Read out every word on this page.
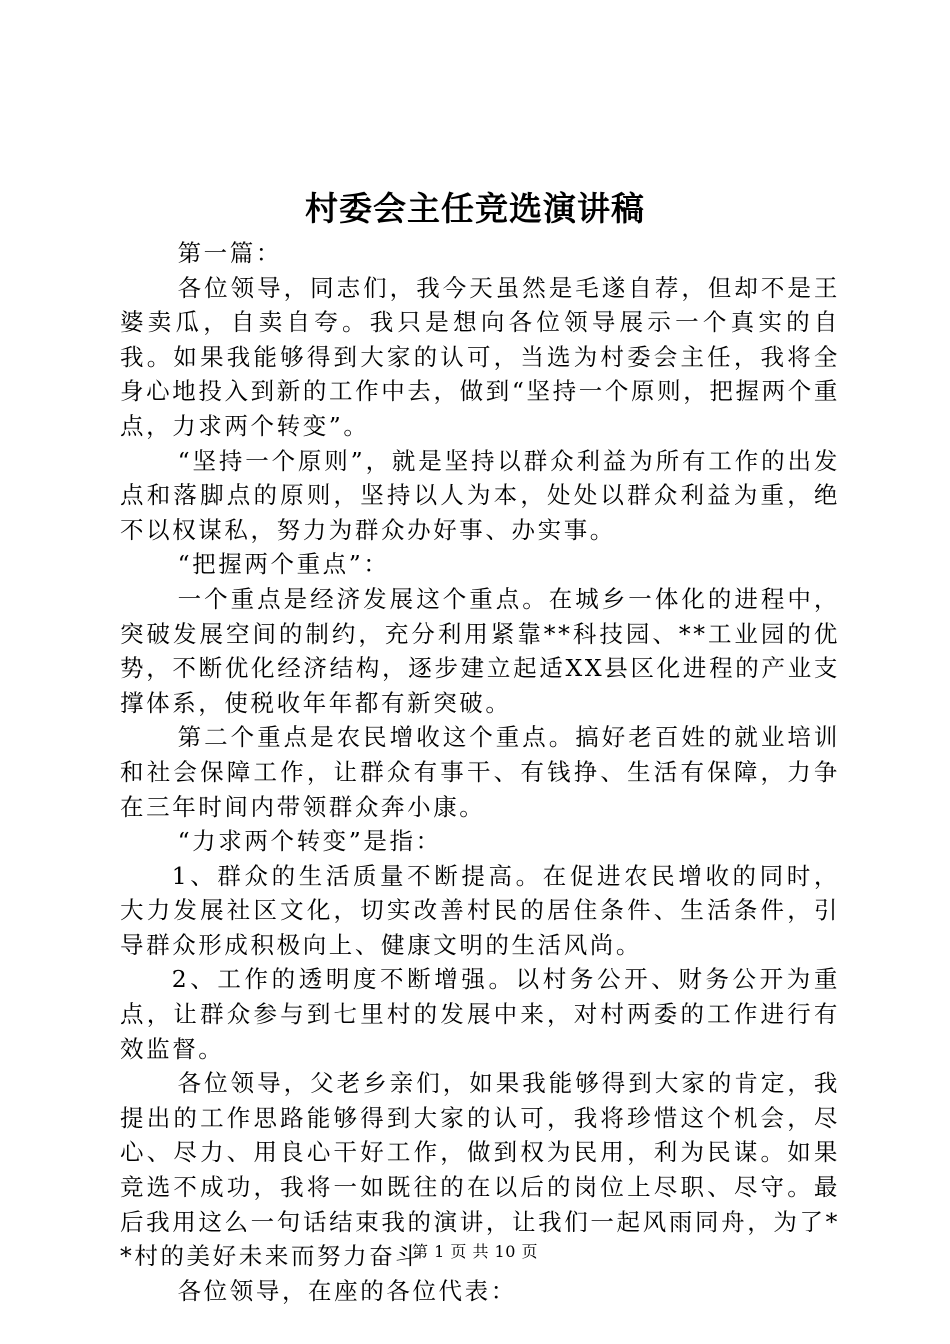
村委会主任竞选演讲稿

第一篇：

各位领导，同志们，我今天虽然是毛遂自荐，但却不是王婆卖瓜，自卖自夸。我只是想向各位领导展示一个真实的自我。如果我能够得到大家的认可，当选为村委会主任，我将全身心地投入到新的工作中去，做到“坚持一个原则，把握两个重点，力求两个转变”。

“坚持一个原则”，就是坚持以群众利益为所有工作的出发点和落脚点的原则，坚持以人为本，处处以群众利益为重，绝不以权谋私，努力为群众办好事、办实事。

“把握两个重点”：

一个重点是经济发展这个重点。在城乡一体化的进程中，突破发展空间的制约，充分利用紧靠**科技园、**工业园的优势，不断优化经济结构，逐步建立起适XX县区化进程的产业支撑体系，使税收年年都有新突破。

第二个重点是农民增收这个重点。搞好老百姓的就业培训和社会保障工作，让群众有事干、有钱挣、生活有保障，力争在三年时间内带领群众奔小康。

“力求两个转变”是指：

1、群众的生活质量不断提高。在促进农民增收的同时，大力发展社区文化，切实改善村民的居住条件、生活条件，引导群众形成积极向上、健康文明的生活风尚。

2、工作的透明度不断增强。以村务公开、财务公开为重点，让群众参与到七里村的发展中来，对村两委的工作进行有效监督。

各位领导，父老乡亲们，如果我能够得到大家的肯定，我提出的工作思路能够得到大家的认可，我将珍惜这个机会，尽心、尽力、用良心干好工作，做到权为民用，利为民谋。如果竞选不成功，我将一如既往的在以后的岗位上尽职、尽守。最后我用这么一句话结束我的演讲，让我们一起风雨同舟，为了**村的美好未来而努力奋斗

各位领导，在座的各位代表：

第 1 页 共 10 页
